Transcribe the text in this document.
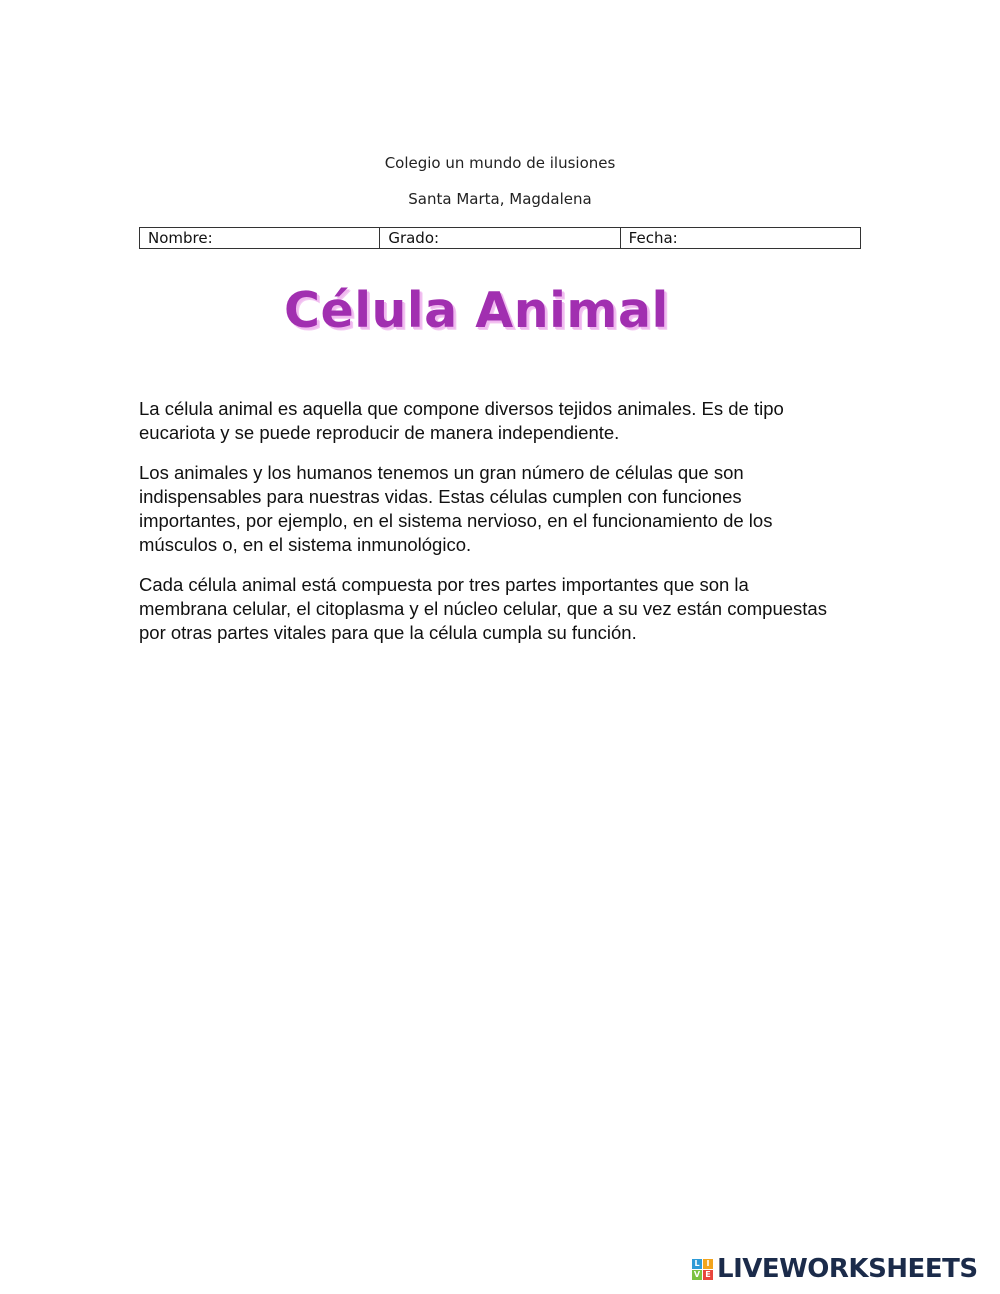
Colegio un mundo de ilusiones
Santa Marta, Magdalena
Nombre:	Grado:	Fecha:
Célula Animal

La célula animal es aquella que compone diversos tejidos animales. Es de tipo eucariota y se puede reproducir de manera independiente.

Los animales y los humanos tenemos un gran número de células que son indispensables para nuestras vidas. Estas células cumplen con funciones importantes, por ejemplo, en el sistema nervioso, en el funcionamiento de los músculos o, en el sistema inmunológico.

Cada célula animal está compuesta por tres partes importantes que son la membrana celular, el citoplasma y el núcleo celular, que a su vez están compuestas por otras partes vitales para que la célula cumpla su función.

L I
V E LIVEWORKSHEETS
